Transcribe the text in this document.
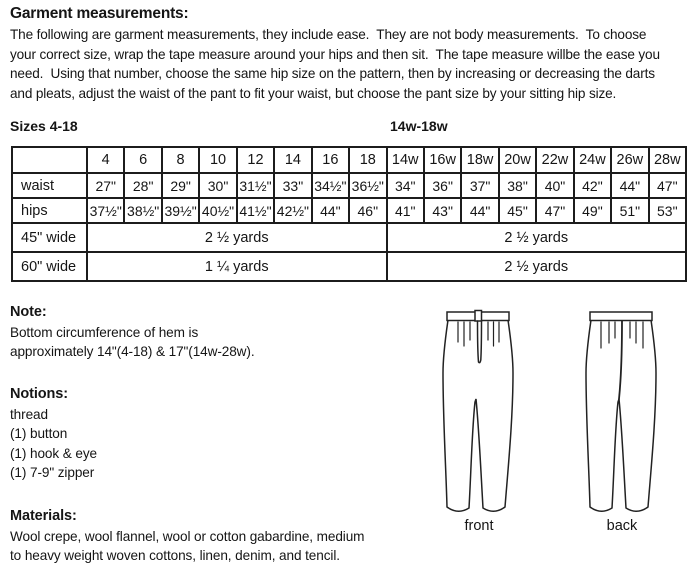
Garment measurements:
The following are garment measurements, they include ease.  They are not body measurements.  To choose
your correct size, wrap the tape measure around your hips and then sit.  The tape measure willbe the ease you
need.  Using that number, choose the same hip size on the pattern, then by increasing or decreasing the darts
and pleats, adjust the waist of the pant to fit your waist, but choose the pant size by your sitting hip size.
Sizes 4-18	14w-18w
	4	6	8	10	12	14	16	18	14w	16w	18w	20w	22w	24w	26w	28w
waist	27"	28"	29"	30"	31½"	33"	34½"	36½"	34"	36"	37"	38"	40"	42"	44"	47"
hips	37½"	38½"	39½"	40½"	41½"	42½"	44"	46"	41"	43"	44"	45"	47"	49"	51"	53"
45" wide	2 ½ yards								2 ½ yards							
60" wide	1 ¼ yards								2 ½ yards							
Note:
Bottom circumference of hem is
approximately 14"(4-18) & 17"(14w-28w).
Notions:
thread
(1) button
(1) hook & eye
(1) 7-9" zipper
Materials:
Wool crepe, wool flannel, wool or cotton gabardine, medium
to heavy weight woven cottons, linen, denim, and tencil.
front	back
